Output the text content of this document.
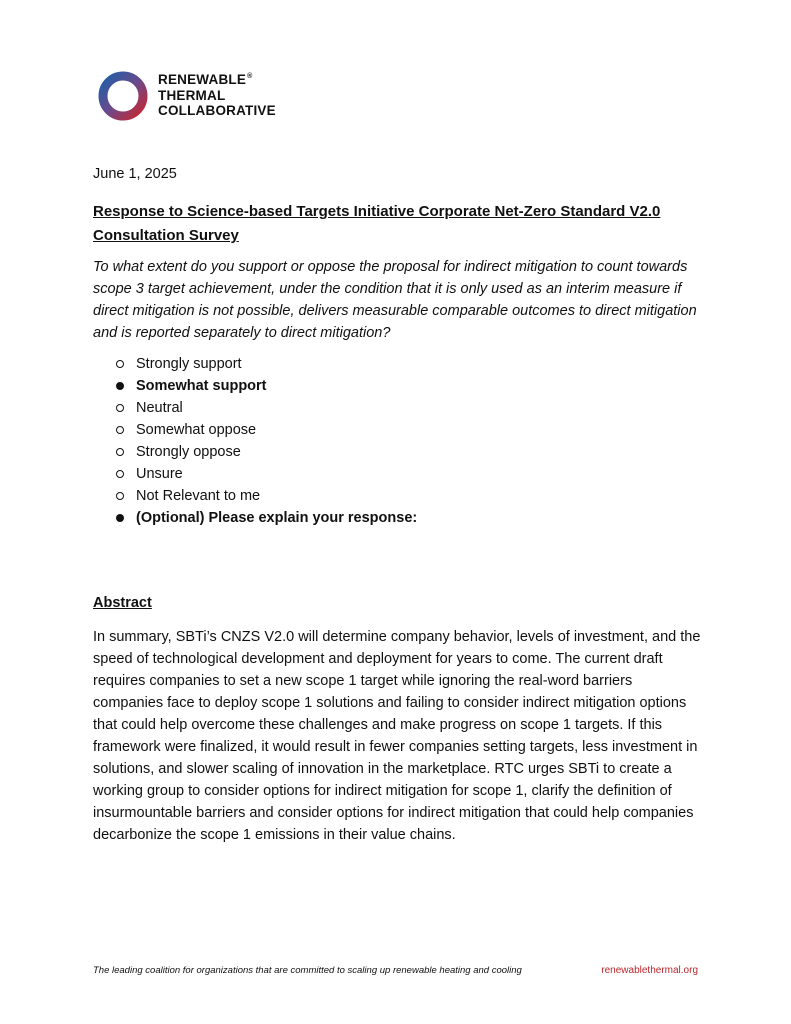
RENEWABLE®
THERMAL
COLLABORATIVE
June 1, 2025
Response to Science-based Targets Initiative Corporate Net-Zero Standard V2.0 Consultation Survey
To what extent do you support or oppose the proposal for indirect mitigation to count towards scope 3 target achievement, under the condition that it is only used as an interim measure if direct mitigation is not possible, delivers measurable comparable outcomes to direct mitigation and is reported separately to direct mitigation?
Strongly support
Somewhat support
Neutral
Somewhat oppose
Strongly oppose
Unsure
Not Relevant to me
(Optional) Please explain your response:
Abstract
In summary, SBTi’s CNZS V2.0 will determine company behavior, levels of investment, and the speed of technological development and deployment for years to come. The current draft requires companies to set a new scope 1 target while ignoring the real-word barriers companies face to deploy scope 1 solutions and failing to consider indirect mitigation options that could help overcome these challenges and make progress on scope 1 targets. If this framework were finalized, it would result in fewer companies setting targets, less investment in solutions, and slower scaling of innovation in the marketplace. RTC urges SBTi to create a working group to consider options for indirect mitigation for scope 1, clarify the definition of insurmountable barriers and consider options for indirect mitigation that could help companies decarbonize the scope 1 emissions in their value chains.
The leading coalition for organizations that are committed to scaling up renewable heating and cooling	renewablethermal.org
